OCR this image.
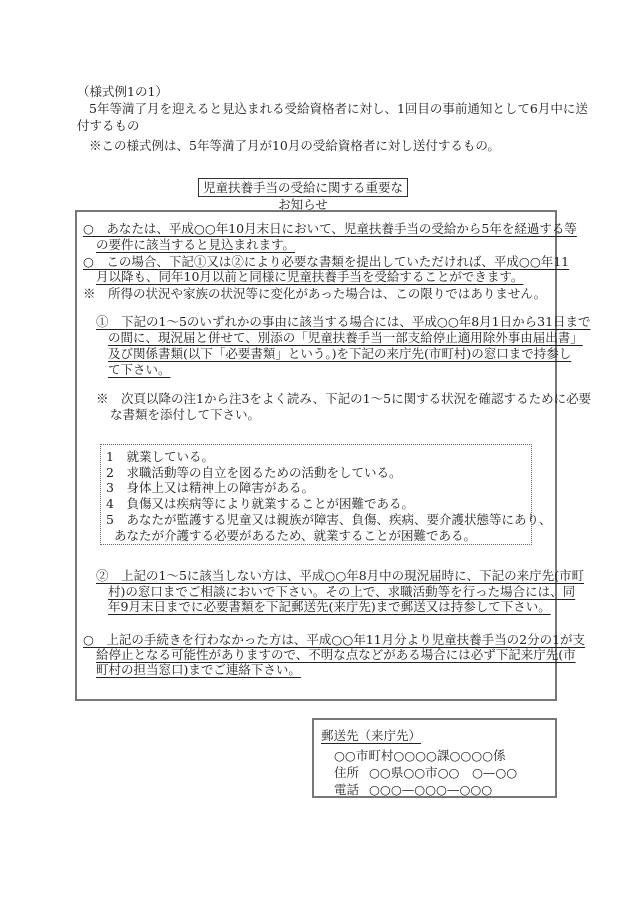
（様式例1の1）
5年等満了月を迎えると見込まれる受給資格者に対し、1回目の事前通知として6月中に送
付するもの
※この様式例は、5年等満了月が10月の受給資格者に対し送付するもの。
児童扶養手当の受給に関する重要なお知らせ
○　あなたは、平成○○年10月末日において、児童扶養手当の受給から5年を経過する等
の要件に該当すると見込まれます。
○　この場合、下記①又は②により必要な書類を提出していただければ、平成○○年11
月以降も、同年10月以前と同様に児童扶養手当を受給することができます。
※　所得の状況や家族の状況等に変化があった場合は、この限りではありません。
①　下記の1～5のいずれかの事由に該当する場合には、平成○○年8月1日から31日まで
の間に、現況届と併せて、別添の「児童扶養手当一部支給停止適用除外事由届出書」
及び関係書類(以下「必要書類」という。)を下記の来庁先(市町村)の窓口まで持参し
て下さい。
※　次頁以降の注1から注3をよく読み、下記の1～5に関する状況を確認するために必要
な書類を添付して下さい。
1　就業している。
2　求職活動等の自立を図るための活動をしている。
3　身体上又は精神上の障害がある。
4　負傷又は疾病等により就業することが困難である。
5　あなたが監護する児童又は親族が障害、負傷、疾病、要介護状態等にあり、
あなたが介護する必要があるため、就業することが困難である。
②　上記の1～5に該当しない方は、平成○○年8月中の現況届時に、下記の来庁先(市町
村)の窓口までご相談においで下さい。その上で、求職活動等を行った場合には、同
年9月末日までに必要書類を下記郵送先(来庁先)まで郵送又は持参して下さい。
○　上記の手続きを行わなかった方は、平成○○年11月分より児童扶養手当の2分の1が支
給停止となる可能性がありますので、不明な点などがある場合には必ず下記来庁先(市
町村の担当窓口)までご連絡下さい。
郵送先（来庁先）
○○市町村○○○○課○○○○係
住所 ○○県○○市○○　○—○○
電話 ○○○—○○○—○○○
